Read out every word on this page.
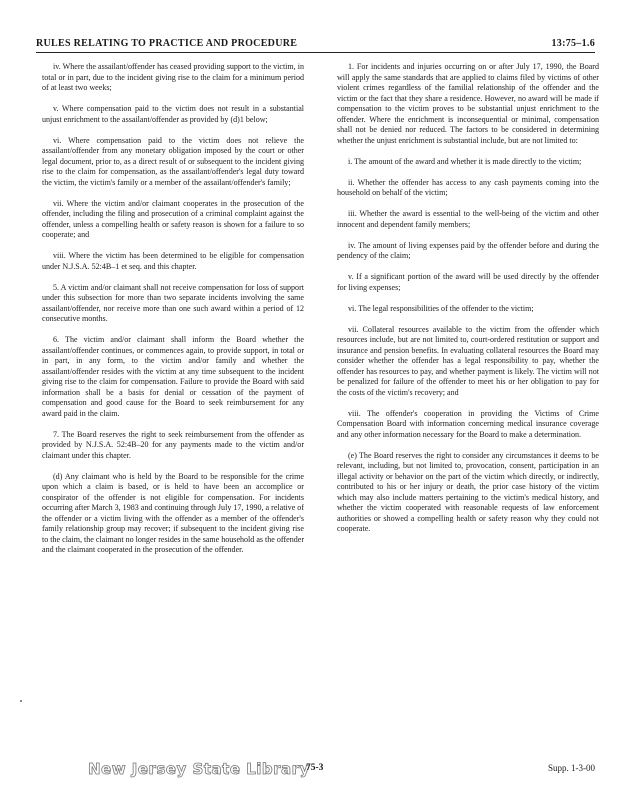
RULES RELATING TO PRACTICE AND PROCEDURE	13:75–1.6

iv. Where the assailant/offender has ceased providing support to the victim, in total or in part, due to the incident giving rise to the claim for a minimum period of at least two weeks;

v. Where compensation paid to the victim does not result in a substantial unjust enrichment to the assailant/offender as provided by (d)1 below;

vi. Where compensation paid to the victim does not relieve the assailant/offender from any monetary obligation imposed by the court or other legal document, prior to, as a direct result of or subsequent to the incident giving rise to the claim for compensation, as the assailant/offender's legal duty toward the victim, the victim's family or a member of the assailant/offender's family;

vii. Where the victim and/or claimant cooperates in the prosecution of the offender, including the filing and prosecution of a criminal complaint against the offender, unless a compelling health or safety reason is shown for a failure to so cooperate; and

viii. Where the victim has been determined to be eligible for compensation under N.J.S.A. 52:4B–1 et seq. and this chapter.

5. A victim and/or claimant shall not receive compensation for loss of support under this subsection for more than two separate incidents involving the same assailant/offender, nor receive more than one such award within a period of 12 consecutive months.

6. The victim and/or claimant shall inform the Board whether the assailant/offender continues, or commences again, to provide support, in total or in part, in any form, to the victim and/or family and whether the assailant/offender resides with the victim at any time subsequent to the incident giving rise to the claim for compensation. Failure to provide the Board with said information shall be a basis for denial or cessation of the payment of compensation and good cause for the Board to seek reimbursement for any award paid in the claim.

7. The Board reserves the right to seek reimbursement from the offender as provided by N.J.S.A. 52:4B–20 for any payments made to the victim and/or claimant under this chapter.

(d) Any claimant who is held by the Board to be responsible for the crime upon which a claim is based, or is held to have been an accomplice or conspirator of the offender is not eligible for compensation. For incidents occurring after March 3, 1983 and continuing through July 17, 1990, a relative of the offender or a victim living with the offender as a member of the offender's family relationship group may recover; if subsequent to the incident giving rise to the claim, the claimant no longer resides in the same household as the offender and the claimant cooperated in the prosecution of the offender.

1. For incidents and injuries occurring on or after July 17, 1990, the Board will apply the same standards that are applied to claims filed by victims of other violent crimes regardless of the familial relationship of the offender and the victim or the fact that they share a residence. However, no award will be made if compensation to the victim proves to be substantial unjust enrichment to the offender. Where the enrichment is inconsequential or minimal, compensation shall not be denied nor reduced. The factors to be considered in determining whether the unjust enrichment is substantial include, but are not limited to:

i. The amount of the award and whether it is made directly to the victim;

ii. Whether the offender has access to any cash payments coming into the household on behalf of the victim;

iii. Whether the award is essential to the well-being of the victim and other innocent and dependent family members;

iv. The amount of living expenses paid by the offender before and during the pendency of the claim;

v. If a significant portion of the award will be used directly by the offender for living expenses;

vi. The legal responsibilities of the offender to the victim;

vii. Collateral resources available to the victim from the offender which resources include, but are not limited to, court-ordered restitution or support and insurance and pension benefits. In evaluating collateral resources the Board may consider whether the offender has a legal responsibility to pay, whether the offender has resources to pay, and whether payment is likely. The victim will not be penalized for failure of the offender to meet his or her obligation to pay for the costs of the victim's recovery; and

viii. The offender's cooperation in providing the Victims of Crime Compensation Board with information concerning medical insurance coverage and any other information necessary for the Board to make a determination.

(e) The Board reserves the right to consider any circumstances it deems to be relevant, including, but not limited to, provocation, consent, participation in an illegal activity or behavior on the part of the victim which directly, or indirectly, contributed to his or her injury or death, the prior case history of the victim which may also include matters pertaining to the victim's medical history, and whether the victim cooperated with reasonable requests of law enforcement authorities or showed a compelling health or safety reason why they could not cooperate.

New Jersey State Library
75-3	Supp. 1-3-00
